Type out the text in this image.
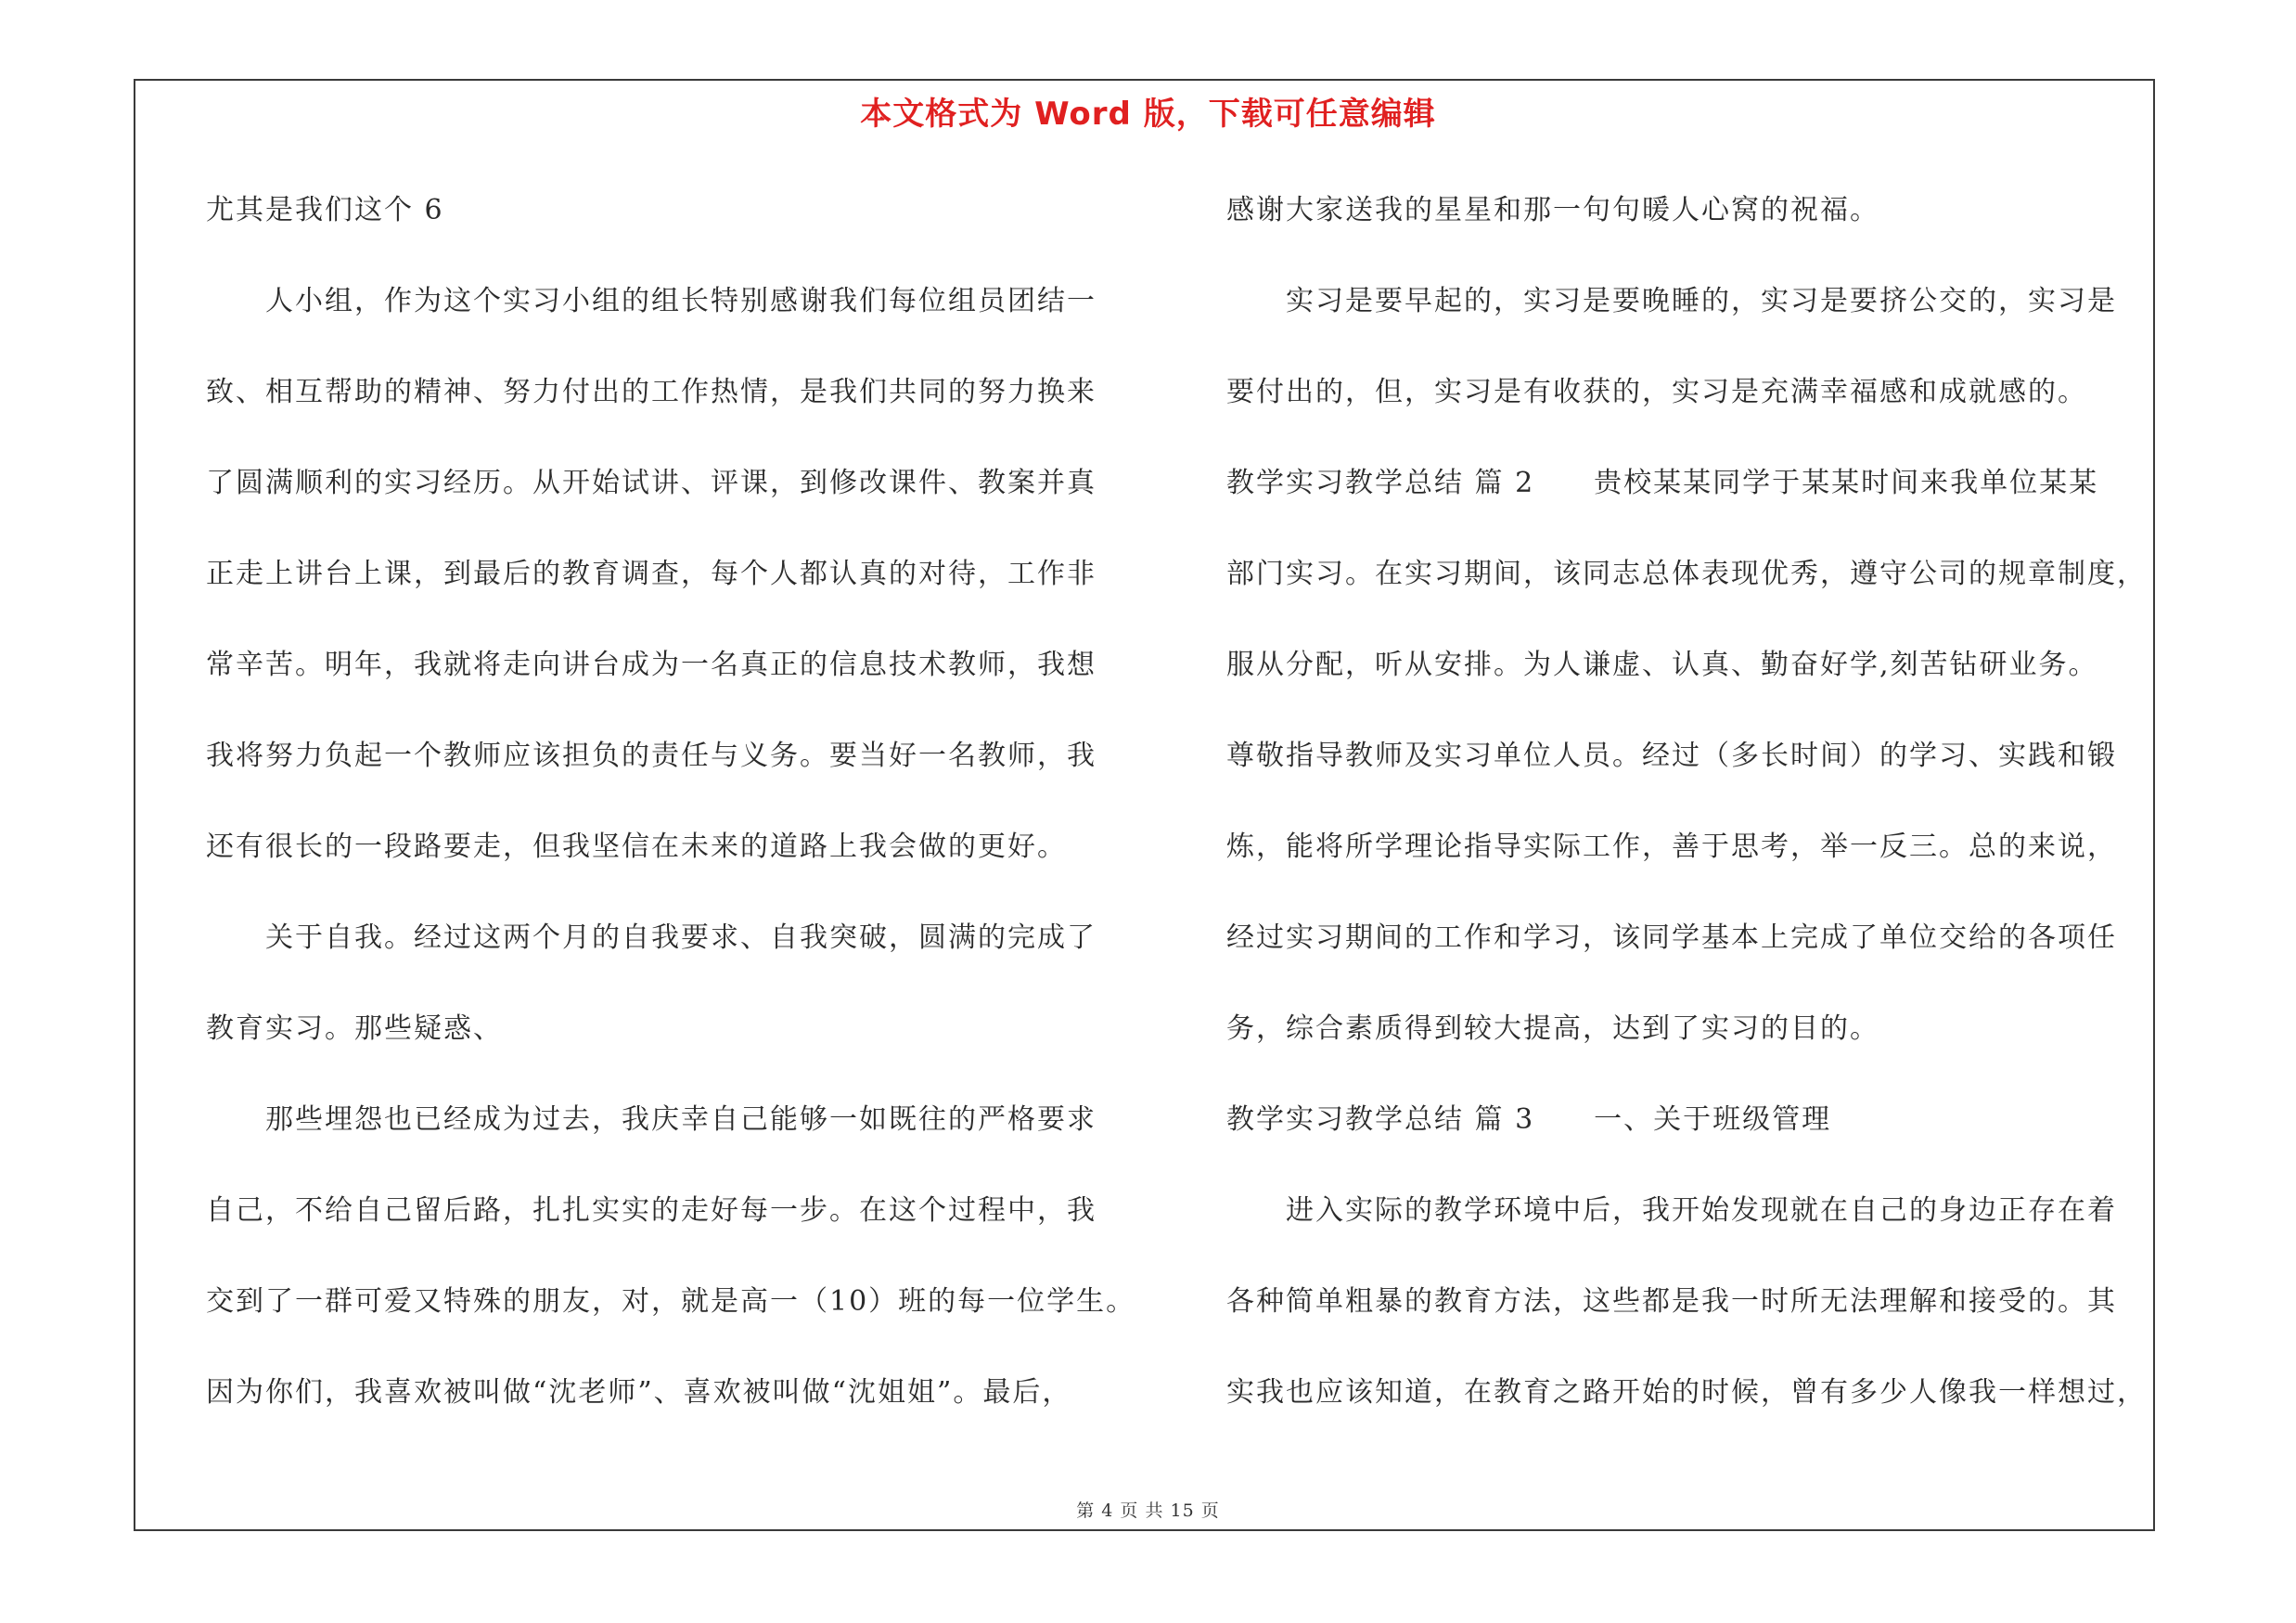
本文格式为 Word 版，下载可任意编辑
尤其是我们这个 6
人小组，作为这个实习小组的组长特别感谢我们每位组员团结一
致、相互帮助的精神、努力付出的工作热情，是我们共同的努力换来
了圆满顺利的实习经历。从开始试讲、评课，到修改课件、教案并真
正走上讲台上课，到最后的教育调查，每个人都认真的对待，工作非
常辛苦。明年，我就将走向讲台成为一名真正的信息技术教师，我想
我将努力负起一个教师应该担负的责任与义务。要当好一名教师，我
还有很长的一段路要走，但我坚信在未来的道路上我会做的更好。
关于自我。经过这两个月的自我要求、自我突破，圆满的完成了
教育实习。那些疑惑、
那些埋怨也已经成为过去，我庆幸自己能够一如既往的严格要求
自己，不给自己留后路，扎扎实实的走好每一步。在这个过程中，我
交到了一群可爱又特殊的朋友，对，就是高一（10）班的每一位学生。
因为你们，我喜欢被叫做“沈老师”、喜欢被叫做“沈姐姐”。最后，
感谢大家送我的星星和那一句句暖人心窝的祝福。
实习是要早起的，实习是要晚睡的，实习是要挤公交的，实习是
要付出的，但，实习是有收获的，实习是充满幸福感和成就感的。
教学实习教学总结 篇 2　　贵校某某同学于某某时间来我单位某某
部门实习。在实习期间，该同志总体表现优秀，遵守公司的规章制度，
服从分配，听从安排。为人谦虚、认真、勤奋好学,刻苦钻研业务。
尊敬指导教师及实习单位人员。经过（多长时间）的学习、实践和锻
炼，能将所学理论指导实际工作，善于思考，举一反三。总的来说，
经过实习期间的工作和学习，该同学基本上完成了单位交给的各项任
务，综合素质得到较大提高，达到了实习的目的。
教学实习教学总结 篇 3　　一、关于班级管理
进入实际的教学环境中后，我开始发现就在自己的身边正存在着
各种简单粗暴的教育方法，这些都是我一时所无法理解和接受的。其
实我也应该知道，在教育之路开始的时候，曾有多少人像我一样想过，
第 4 页 共 15 页
